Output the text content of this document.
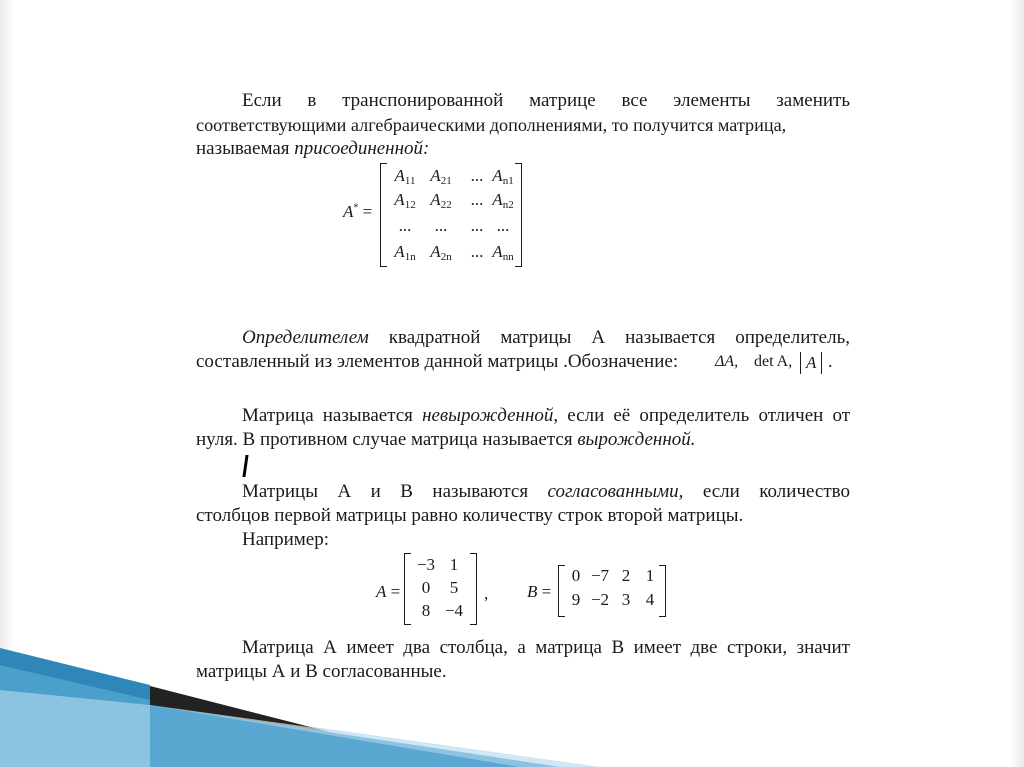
Если в транспонированной матрице все элементы заменить
соответствующими алгебраическими дополнениями, то получится матрица,
называемая присоединенной:
A* =
$A_{11}$ $A_{21}$	... $A_{n1}$
$A_{12}$ $A_{22}$	... $A_{n2}$
...	...	... ...
$A_{1n}$ $A_{2n}$	... $A_{nn}$
Определителем квадратной матрицы А называется определитель,
составленный из элементов данной матрицы .Обозначение: ΔA, det A, A .
Матрица называется невырожденной, если её определитель отличен от
нуля. В противном случае матрица называется вырожденной.
Матрицы А и В называются согласованными, если количество
столбцов первой матрицы равно количеству строк второй матрицы.
Например:
A =	,
−3 1
0	5
8 −4
B =
0 −7 2 1
9 −2 3 4
Матрица А имеет два столбца, а матрица В имеет две строки, значит
матрицы А и В согласованные.
